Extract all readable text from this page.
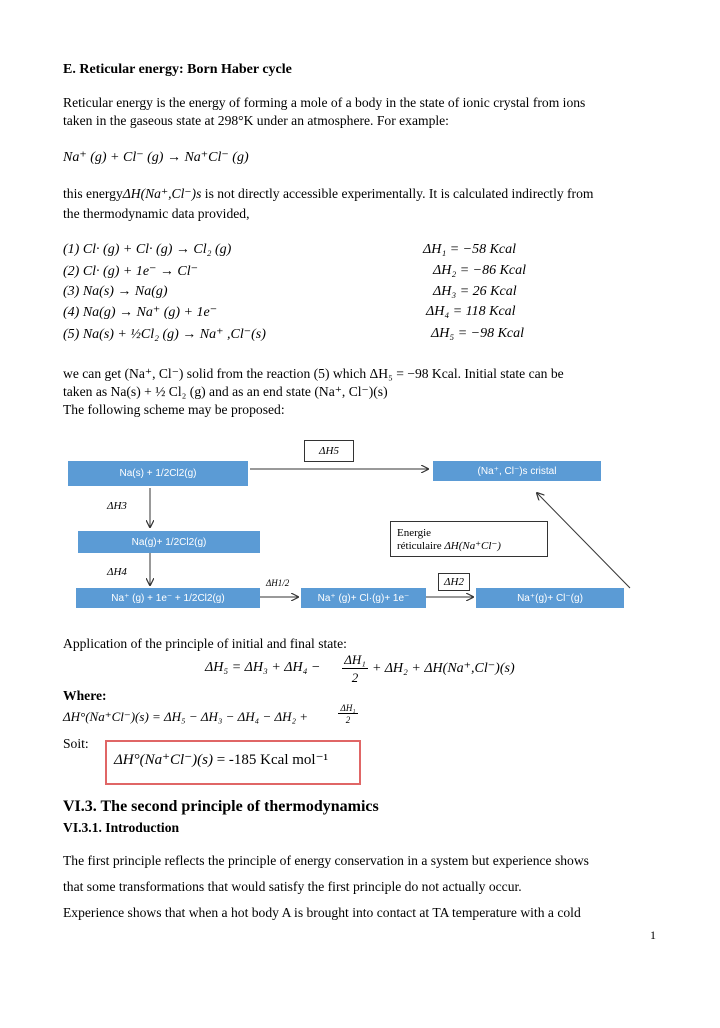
E. Reticular energy: Born Haber cycle
Reticular energy is the energy of forming a mole of a body in the state of ionic crystal from ions
taken in the gaseous state at 298°K under an atmosphere. For example:
Na⁺ (g) + Cl⁻ (g) → Na⁺Cl⁻ (g)
this energyΔH(Na⁺,Cl⁻)s is not directly accessible experimentally. It is calculated indirectly from
the thermodynamic data provided,
(1) Cl· (g) + Cl· (g) → Cl₂ (g)	ΔH₁ = −58 Kcal
(2) Cl· (g) + 1e⁻ → Cl⁻	ΔH₂ = −86 Kcal
(3) Na(s) → Na(g)	ΔH₃ = 26 Kcal
(4) Na(g) → Na⁺ (g) + 1e⁻	ΔH₄ = 118 Kcal
(5) Na(s) + ½Cl₂ (g) → Na⁺ ,Cl⁻(s)	ΔH₅ = −98 Kcal
we can get (Na⁺, Cl⁻) solid from the reaction (5) which ΔH₅ = −98 Kcal. Initial state can be
taken as Na(s) + ½ Cl₂ (g) and as an end state (Na⁺, Cl⁻)(s)
The following scheme may be proposed:
ΔH5
Na(s) + 1/2Cl2(g)	(Na⁺, Cl⁻)s cristal
ΔH3
Na(g)+ 1/2Cl2(g)
ΔH4
Energie
réticulaire ΔH(Na⁺Cl⁻)
ΔH1/2	ΔH2
Na⁺ (g) + 1e⁻ + 1/2Cl2(g)	Na⁺ (g)+ Cl·(g)+ 1e⁻	Na⁺(g)+ Cl⁻(g)
Application of the principle of initial and final state:
ΔH₅ = ΔH₃ + ΔH₄ −
ΔH₁
2
+ ΔH₂ + ΔH(Na⁺,Cl⁻)(s)
Where:
ΔH°(Na⁺Cl⁻)(s) = ΔH₅ − ΔH₃ − ΔH₄ − ΔH₂ +
ΔH₁
2
Soit:
ΔH°(Na⁺Cl⁻)(s) = -185 Kcal mol⁻¹
VI.3. The second principle of thermodynamics
VI.3.1. Introduction
The first principle reflects the principle of energy conservation in a system but experience shows
that some transformations that would satisfy the first principle do not actually occur.
Experience shows that when a hot body A is brought into contact at TA temperature with a cold
1
